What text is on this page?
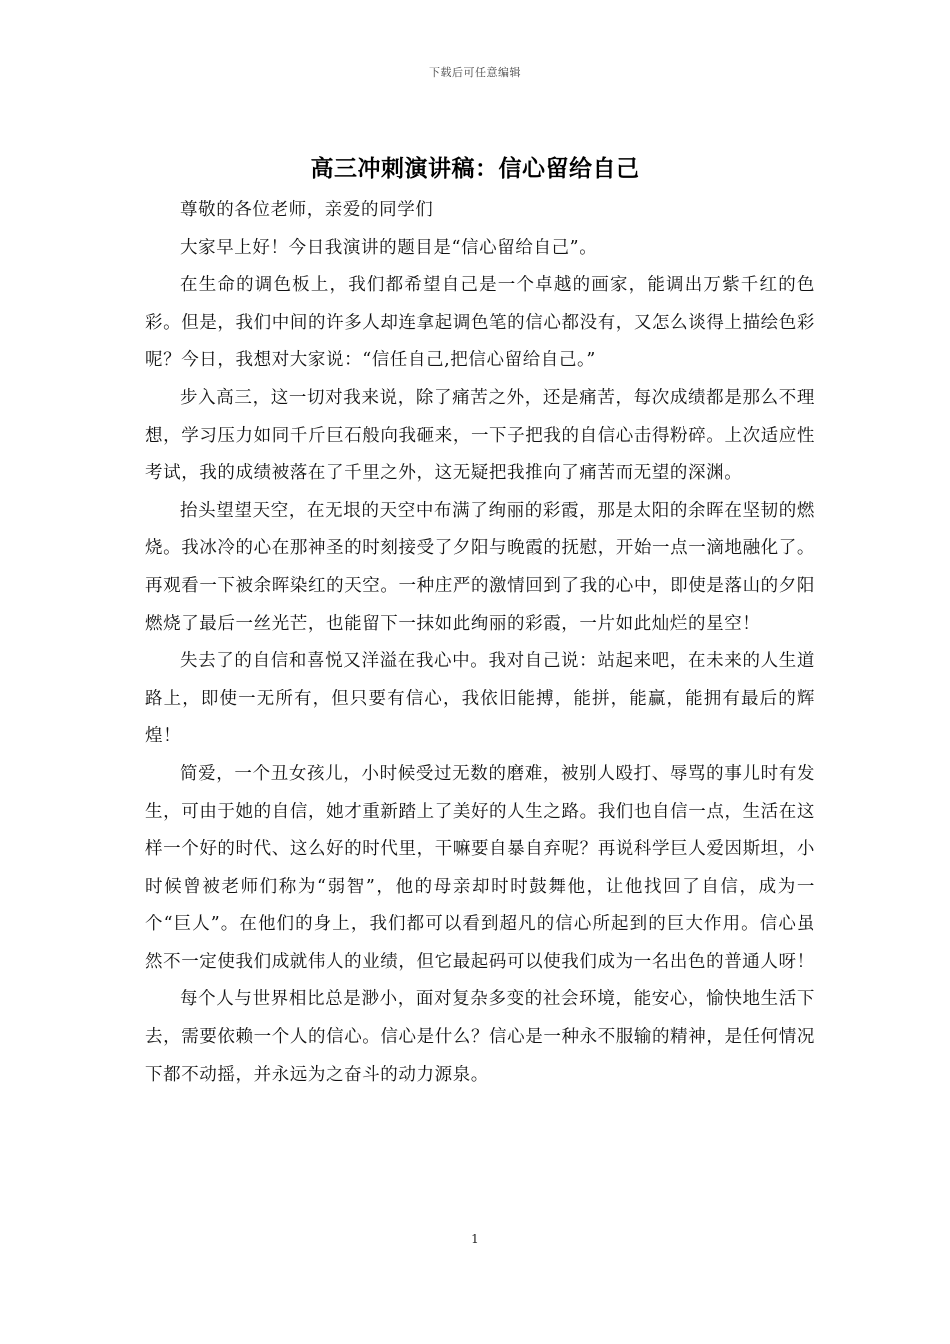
下载后可任意编辑
高三冲刺演讲稿：信心留给自己

尊敬的各位老师，亲爱的同学们

大家早上好！今日我演讲的题目是“信心留给自己”。

在生命的调色板上，我们都希望自己是一个卓越的画家，能调出万紫千红的色彩。但是，我们中间的许多人却连拿起调色笔的信心都没有，又怎么谈得上描绘色彩呢？今日，我想对大家说：“信任自己,把信心留给自己。”

步入高三，这一切对我来说，除了痛苦之外，还是痛苦，每次成绩都是那么不理想，学习压力如同千斤巨石般向我砸来，一下子把我的自信心击得粉碎。上次适应性考试，我的成绩被落在了千里之外，这无疑把我推向了痛苦而无望的深渊。

抬头望望天空，在无垠的天空中布满了绚丽的彩霞，那是太阳的余晖在坚韧的燃烧。我冰冷的心在那神圣的时刻接受了夕阳与晚霞的抚慰，开始一点一滴地融化了。再观看一下被余晖染红的天空。一种庄严的激情回到了我的心中，即使是落山的夕阳燃烧了最后一丝光芒，也能留下一抹如此绚丽的彩霞，一片如此灿烂的星空！

失去了的自信和喜悦又洋溢在我心中。我对自己说：站起来吧，在未来的人生道路上，即使一无所有，但只要有信心，我依旧能搏，能拼，能赢，能拥有最后的辉煌！

简爱，一个丑女孩儿，小时候受过无数的磨难，被别人殴打、辱骂的事儿时有发生，可由于她的自信，她才重新踏上了美好的人生之路。我们也自信一点，生活在这样一个好的时代、这么好的时代里，干嘛要自暴自弃呢？再说科学巨人爱因斯坦，小时候曾被老师们称为“弱智”，他的母亲却时时鼓舞他，让他找回了自信，成为一个“巨人”。在他们的身上，我们都可以看到超凡的信心所起到的巨大作用。信心虽然不一定使我们成就伟人的业绩，但它最起码可以使我们成为一名出色的普通人呀！

每个人与世界相比总是渺小，面对复杂多变的社会环境，能安心，愉快地生活下去，需要依赖一个人的信心。信心是什么？信心是一种永不服输的精神，是任何情况下都不动摇，并永远为之奋斗的动力源泉。

1
